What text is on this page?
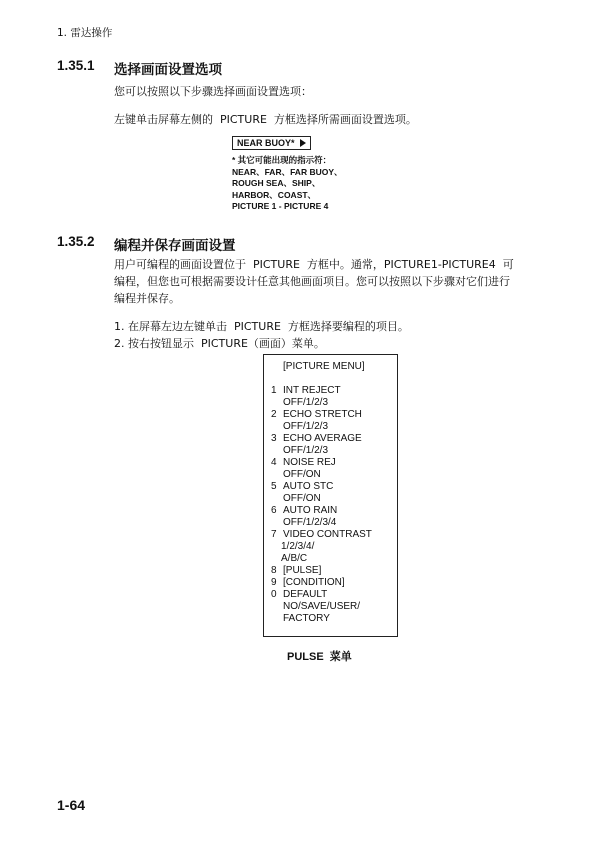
1. 雷达操作
1.35.1 选择画面设置选项
您可以按照以下步骤选择画面设置选项：
左键单击屏幕左侧的  PICTURE  方框选择所需画面设置选项。
NEAR BUOY*
* 其它可能出现的指示符：
NEAR、FAR、FAR BUOY、
ROUGH SEA、SHIP、
HARBOR、COAST、
PICTURE 1 - PICTURE 4
1.35.2 编程并保存画面设置
用户可编程的画面设置位于  PICTURE  方框中。通常，PICTURE1-PICTURE4  可
编程，但您也可根据需要设计任意其他画面项目。您可以按照以下步骤对它们进行
编程并保存。
1. 在屏幕左边左键单击  PICTURE  方框选择要编程的项目。
2. 按右按钮显示  PICTURE（画面）菜单。
[PICTURE MENU]
1 INT REJECT
OFF/1/2/3
2 ECHO STRETCH
OFF/1/2/3
3 ECHO AVERAGE
OFF/1/2/3
4 NOISE REJ
OFF/ON
5 AUTO STC
OFF/ON
6 AUTO RAIN
OFF/1/2/3/4
7 VIDEO CONTRAST
1/2/3/4/
A/B/C
8 [PULSE]
9 [CONDITION]
0 DEFAULT
NO/SAVE/USER/
FACTORY
PULSE  菜单
1-64
